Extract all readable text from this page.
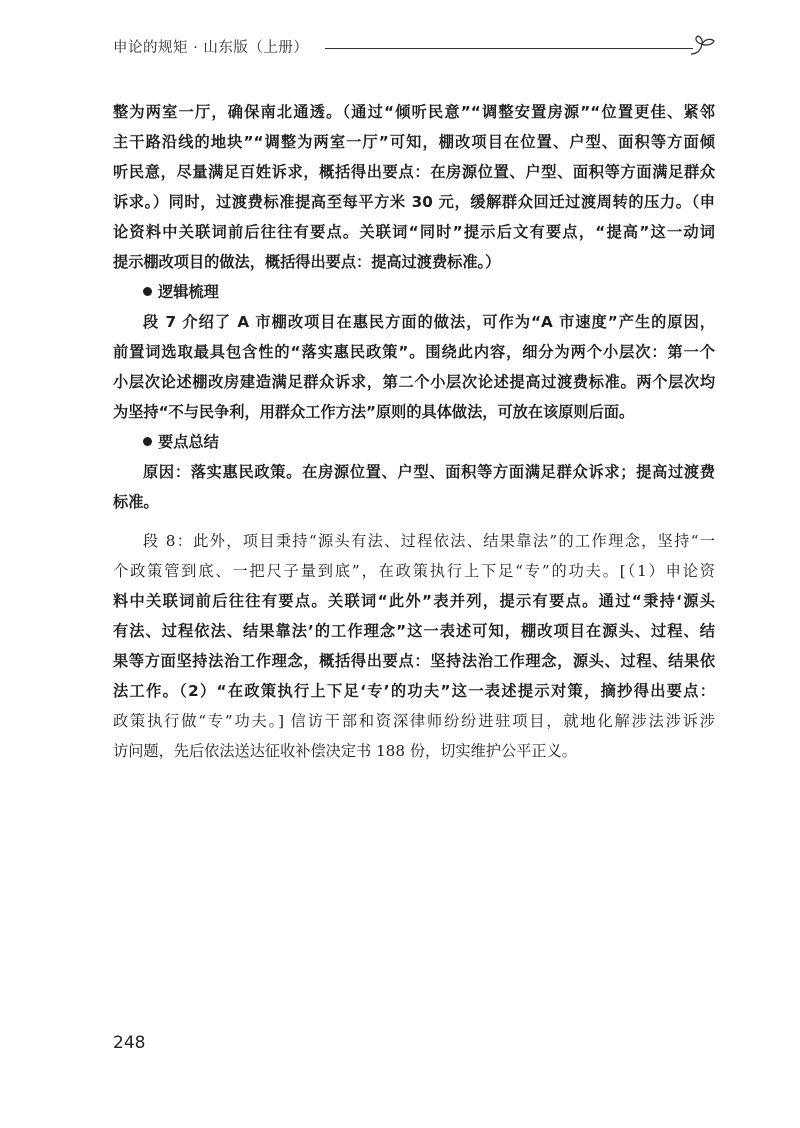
申论的规矩 · 山东版（上册）
整为两室一厅，确保南北通透。（通过“倾听民意”“调整安置房源”“位置更佳、紧邻
主干路沿线的地块”“调整为两室一厅”可知，棚改项目在位置、户型、面积等方面倾
听民意，尽量满足百姓诉求，概括得出要点：在房源位置、户型、面积等方面满足群众
诉求。）同时，过渡费标准提高至每平方米 30 元，缓解群众回迁过渡周转的压力。（申
论资料中关联词前后往往有要点。关联词“同时”提示后文有要点，“提高”这一动词
提示棚改项目的做法，概括得出要点：提高过渡费标准。）
逻辑梳理
段 7 介绍了 A 市棚改项目在惠民方面的做法，可作为“A 市速度”产生的原因，
前置词选取最具包含性的“落实惠民政策”。围绕此内容，细分为两个小层次：第一个
小层次论述棚改房建造满足群众诉求，第二个小层次论述提高过渡费标准。两个层次均
为坚持“不与民争利，用群众工作方法”原则的具体做法，可放在该原则后面。
要点总结
原因：落实惠民政策。在房源位置、户型、面积等方面满足群众诉求；提高过渡费
标准。
段 8：此外，项目秉持“源头有法、过程依法、结果靠法”的工作理念，坚持“一
个政策管到底、一把尺子量到底”，在政策执行上下足“专”的功夫。[（1）申论资
料中关联词前后往往有要点。关联词“此外”表并列，提示有要点。通过“秉持‘源头
有法、过程依法、结果靠法’的工作理念”这一表述可知，棚改项目在源头、过程、结
果等方面坚持法治工作理念，概括得出要点：坚持法治工作理念，源头、过程、结果依
法工作。（2）“在政策执行上下足‘专’的功夫”这一表述提示对策，摘抄得出要点：
政策执行做“专”功夫。] 信访干部和资深律师纷纷进驻项目，就地化解涉法涉诉涉
访问题，先后依法送达征收补偿决定书 188 份，切实维护公平正义。
248
